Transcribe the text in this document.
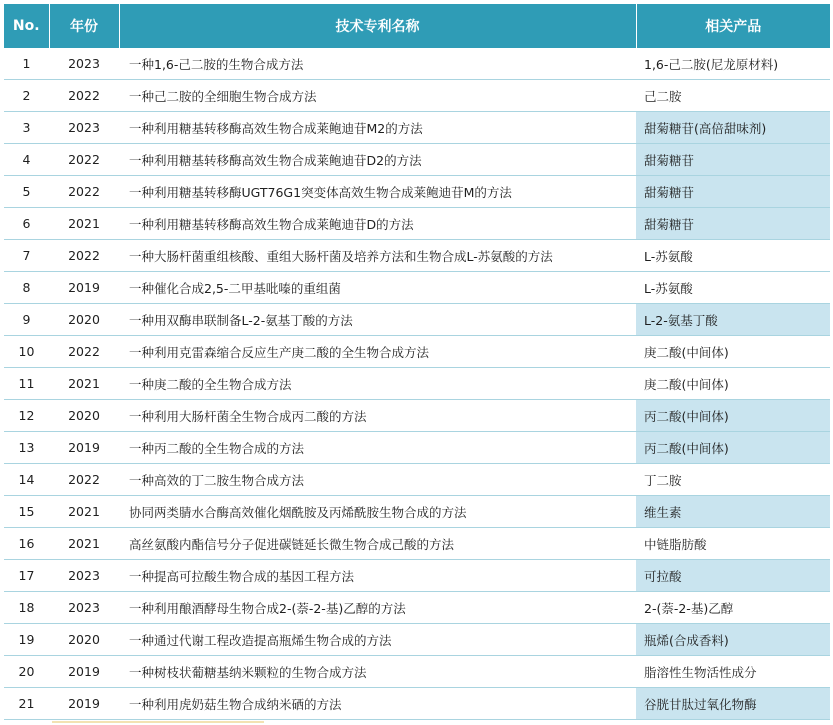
No.	年份	技术专利名称	相关产品
1	2023	一种1,6-己二胺的生物合成方法	1,6-己二胺(尼龙原材料)
2	2022	一种己二胺的全细胞生物合成方法	己二胺
3	2023	一种利用糖基转移酶高效生物合成莱鲍迪苷M2的方法	甜菊糖苷(高倍甜味剂)
4	2022	一种利用糖基转移酶高效生物合成莱鲍迪苷D2的方法	甜菊糖苷
5	2022	一种利用糖基转移酶UGT76G1突变体高效生物合成莱鲍迪苷M的方法	甜菊糖苷
6	2021	一种利用糖基转移酶高效生物合成莱鲍迪苷D的方法	甜菊糖苷
7	2022	一种大肠杆菌重组核酸、重组大肠杆菌及培养方法和生物合成L-苏氨酸的方法	L-苏氨酸
8	2019	一种催化合成2,5-二甲基吡嗪的重组菌	L-苏氨酸
9	2020	一种用双酶串联制备L-2-氨基丁酸的方法	L-2-氨基丁酸
10	2022	一种利用克雷森缩合反应生产庚二酸的全生物合成方法	庚二酸(中间体)
11	2021	一种庚二酸的全生物合成方法	庚二酸(中间体)
12	2020	一种利用大肠杆菌全生物合成丙二酸的方法	丙二酸(中间体)
13	2019	一种丙二酸的全生物合成的方法	丙二酸(中间体)
14	2022	一种高效的丁二胺生物合成方法	丁二胺
15	2021	协同两类腈水合酶高效催化烟酰胺及丙烯酰胺生物合成的方法	维生素
16	2021	高丝氨酸内酯信号分子促进碳链延长微生物合成己酸的方法	中链脂肪酸
17	2023	一种提高可拉酸生物合成的基因工程方法	可拉酸
18	2023	一种利用酿酒酵母生物合成2-(萘-2-基)乙醇的方法	2-(萘-2-基)乙醇
19	2020	一种通过代谢工程改造提高瓶烯生物合成的方法	瓶烯(合成香料)
20	2019	一种树枝状葡糖基纳米颗粒的生物合成方法	脂溶性生物活性成分
21	2019	一种利用虎奶菇生物合成纳米硒的方法	谷胱甘肽过氧化物酶
